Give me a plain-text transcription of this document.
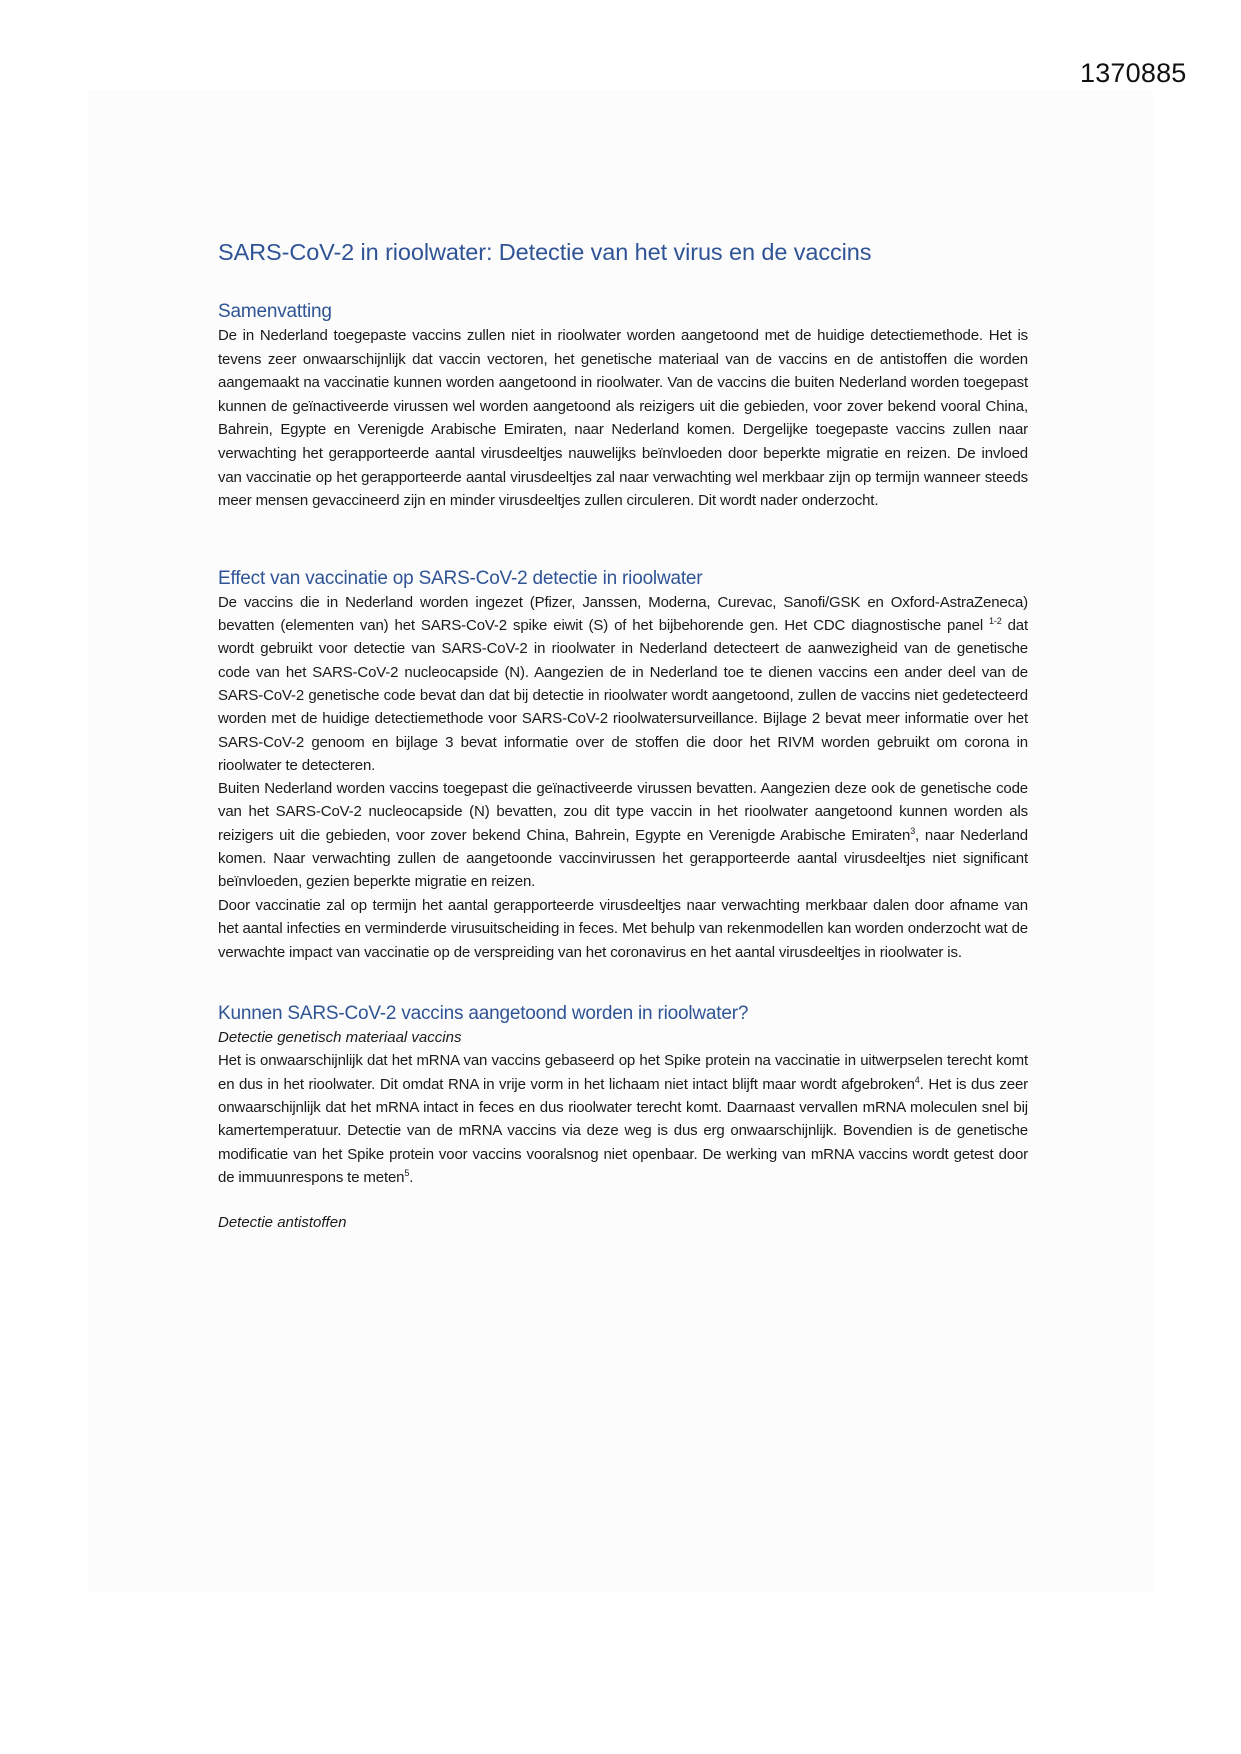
1370885
SARS-CoV-2 in rioolwater: Detectie van het virus en de vaccins
Samenvatting

De in Nederland toegepaste vaccins zullen niet in rioolwater worden aangetoond met de huidige detectiemethode. Het is tevens zeer onwaarschijnlijk dat vaccin vectoren, het genetische materiaal van de vaccins en de antistoffen die worden aangemaakt na vaccinatie kunnen worden aangetoond in rioolwater. Van de vaccins die buiten Nederland worden toegepast kunnen de geïnactiveerde virussen wel worden aangetoond als reizigers uit die gebieden, voor zover bekend vooral China, Bahrein, Egypte en Verenigde Arabische Emiraten, naar Nederland komen. Dergelijke toegepaste vaccins zullen naar verwachting het gerapporteerde aantal virusdeeltjes nauwelijks beïnvloeden door beperkte migratie en reizen. De invloed van vaccinatie op het gerapporteerde aantal virusdeeltjes zal naar verwachting wel merkbaar zijn op termijn wanneer steeds meer mensen gevaccineerd zijn en minder virusdeeltjes zullen circuleren. Dit wordt nader onderzocht.

Effect van vaccinatie op SARS-CoV-2 detectie in rioolwater

De vaccins die in Nederland worden ingezet (Pfizer, Janssen, Moderna, Curevac, Sanofi/GSK en Oxford-AstraZeneca) bevatten (elementen van) het SARS-CoV-2 spike eiwit (S) of het bijbehorende gen. Het CDC diagnostische panel $^{1-2}$ dat wordt gebruikt voor detectie van SARS-CoV-2 in rioolwater in Nederland detecteert de aanwezigheid van de genetische code van het SARS-CoV-2 nucleocapside (N). Aangezien de in Nederland toe te dienen vaccins een ander deel van de SARS-CoV-2 genetische code bevat dan dat bij detectie in rioolwater wordt aangetoond, zullen de vaccins niet gedetecteerd worden met de huidige detectiemethode voor SARS-CoV-2 rioolwatersurveillance. Bijlage 2 bevat meer informatie over het SARS-CoV-2 genoom en bijlage 3 bevat informatie over de stoffen die door het RIVM worden gebruikt om corona in rioolwater te detecteren.

Buiten Nederland worden vaccins toegepast die geïnactiveerde virussen bevatten. Aangezien deze ook de genetische code van het SARS-CoV-2 nucleocapside (N) bevatten, zou dit type vaccin in het rioolwater aangetoond kunnen worden als reizigers uit die gebieden, voor zover bekend China, Bahrein, Egypte en Verenigde Arabische Emiraten$^3$, naar Nederland komen. Naar verwachting zullen de aangetoonde vaccinvirussen het gerapporteerde aantal virusdeeltjes niet significant beïnvloeden, gezien beperkte migratie en reizen.

Door vaccinatie zal op termijn het aantal gerapporteerde virusdeeltjes naar verwachting merkbaar dalen door afname van het aantal infecties en verminderde virusuitscheiding in feces. Met behulp van rekenmodellen kan worden onderzocht wat de verwachte impact van vaccinatie op de verspreiding van het coronavirus en het aantal virusdeeltjes in rioolwater is.

Kunnen SARS-CoV-2 vaccins aangetoond worden in rioolwater?

Detectie genetisch materiaal vaccins

Het is onwaarschijnlijk dat het mRNA van vaccins gebaseerd op het Spike protein na vaccinatie in uitwerpselen terecht komt en dus in het rioolwater. Dit omdat RNA in vrije vorm in het lichaam niet intact blijft maar wordt afgebroken$^4$. Het is dus zeer onwaarschijnlijk dat het mRNA intact in feces en dus rioolwater terecht komt. Daarnaast vervallen mRNA moleculen snel bij kamertemperatuur. Detectie van de mRNA vaccins via deze weg is dus erg onwaarschijnlijk. Bovendien is de genetische modificatie van het Spike protein voor vaccins vooralsnog niet openbaar. De werking van mRNA vaccins wordt getest door de immuunrespons te meten$^5$.

Detectie antistoffen
